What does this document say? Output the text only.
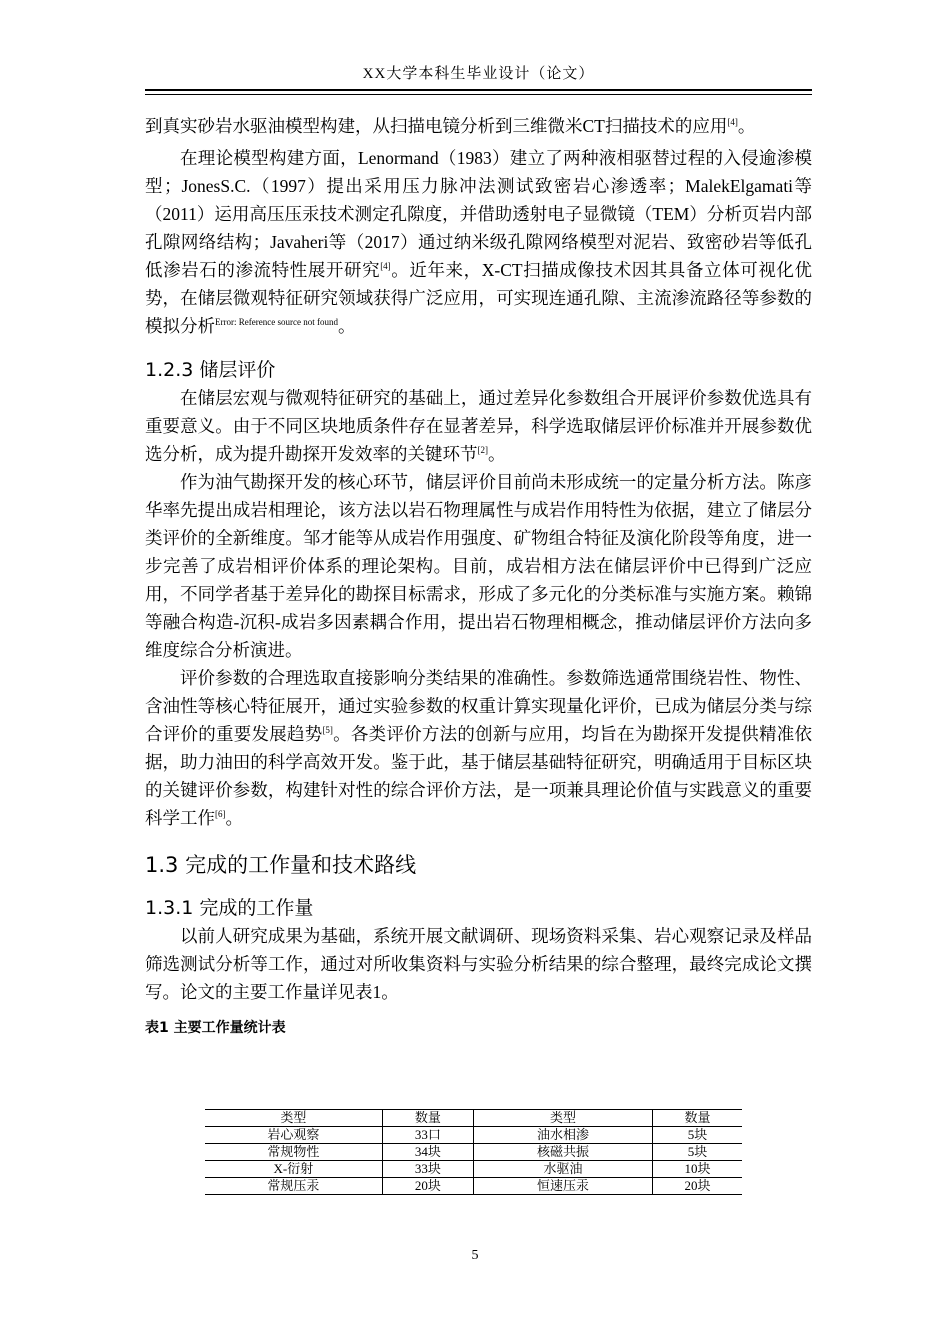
XX大学本科生毕业设计（论文）

到真实砂岩水驱油模型构建，从扫描电镜分析到三维微米CT扫描技术的应用[4]。

在理论模型构建方面，Lenormand（1983）建立了两种液相驱替过程的入侵逾渗模型；JonesS.C.（1997）提出采用压力脉冲法测试致密岩心渗透率；MalekElgamati等（2011）运用高压压汞技术测定孔隙度，并借助透射电子显微镜（TEM）分析页岩内部孔隙网络结构；Javaheri等（2017）通过纳米级孔隙网络模型对泥岩、致密砂岩等低孔低渗岩石的渗流特性展开研究[4]。近年来，X-CT扫描成像技术因其具备立体可视化优势，在储层微观特征研究领域获得广泛应用，可实现连通孔隙、主流渗流路径等参数的模拟分析$^{Error: Reference source not found}$。

1.2.3 储层评价

在储层宏观与微观特征研究的基础上，通过差异化参数组合开展评价参数优选具有重要意义。由于不同区块地质条件存在显著差异，科学选取储层评价标准并开展参数优选分析，成为提升勘探开发效率的关键环节[2]。

作为油气勘探开发的核心环节，储层评价目前尚未形成统一的定量分析方法。陈彦华率先提出成岩相理论，该方法以岩石物理属性与成岩作用特性为依据，建立了储层分类评价的全新维度。邹才能等从成岩作用强度、矿物组合特征及演化阶段等角度，进一步完善了成岩相评价体系的理论架构。目前，成岩相方法在储层评价中已得到广泛应用，不同学者基于差异化的勘探目标需求，形成了多元化的分类标准与实施方案。赖锦等融合构造-沉积-成岩多因素耦合作用，提出岩石物理相概念，推动储层评价方法向多维度综合分析演进。

评价参数的合理选取直接影响分类结果的准确性。参数筛选通常围绕岩性、物性、含油性等核心特征展开，通过实验参数的权重计算实现量化评价，已成为储层分类与综合评价的重要发展趋势[5]。各类评价方法的创新与应用，均旨在为勘探开发提供精准依据，助力油田的科学高效开发。鉴于此，基于储层基础特征研究，明确适用于目标区块的关键评价参数，构建针对性的综合评价方法，是一项兼具理论价值与实践意义的重要科学工作[6]。

1.3 完成的工作量和技术路线
1.3.1 完成的工作量

以前人研究成果为基础，系统开展文献调研、现场资料采集、岩心观察记录及样品筛选测试分析等工作，通过对所收集资料与实验分析结果的综合整理，最终完成论文撰写。论文的主要工作量详见表1。

表1 主要工作量统计表

类型	数量	类型	数量
岩心观察	33口	油水相渗	5块
常规物性	34块	核磁共振	5块
X-衍射	33块	水驱油	10块
常规压汞	20块	恒速压汞	20块
5
